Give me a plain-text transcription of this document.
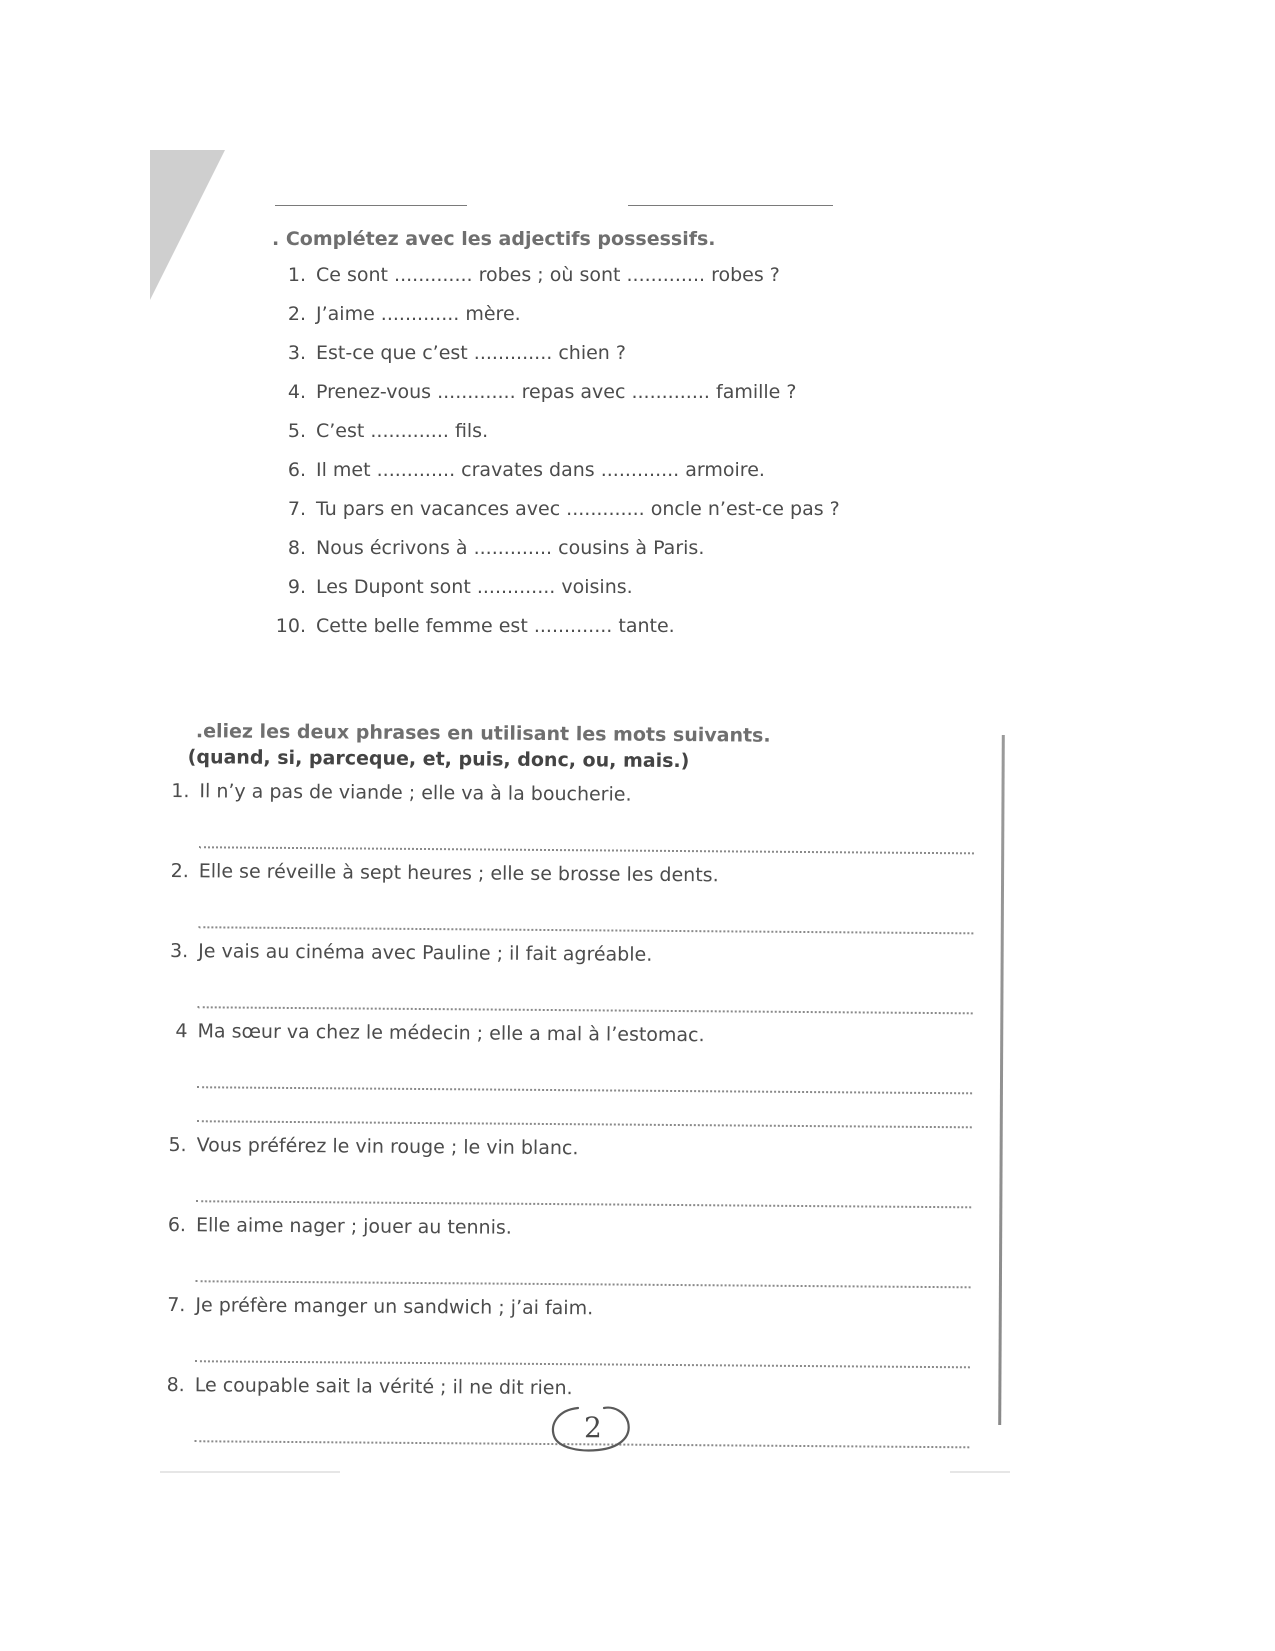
. Complétez avec les adjectifs possessifs.
1. Ce sont ............. robes ; où sont ............. robes ?
2. J’aime ............. mère.
3. Est-ce que c’est ............. chien ?
4. Prenez-vous ............. repas avec ............. famille ?
5. C’est ............. fils.
6. Il met ............. cravates dans ............. armoire.
7. Tu pars en vacances avec ............. oncle n’est-ce pas ?
8. Nous écrivons à ............. cousins à Paris.
9. Les Dupont sont ............. voisins.
10. Cette belle femme est ............. tante.
.eliez les deux phrases en utilisant les mots suivants.
(quand, si, parceque, et, puis, donc, ou, mais.)
1. Il n’y a pas de viande ; elle va à la boucherie.
2. Elle se réveille à sept heures ; elle se brosse les dents.
3. Je vais au cinéma avec Pauline ; il fait agréable.
4 Ma sœur va chez le médecin ; elle a mal à l’estomac.
5. Vous préférez le vin rouge ; le vin blanc.
6. Elle aime nager ; jouer au tennis.
7. Je préfère manger un sandwich ; j’ai faim.
8. Le coupable sait la vérité ; il ne dit rien.
2
